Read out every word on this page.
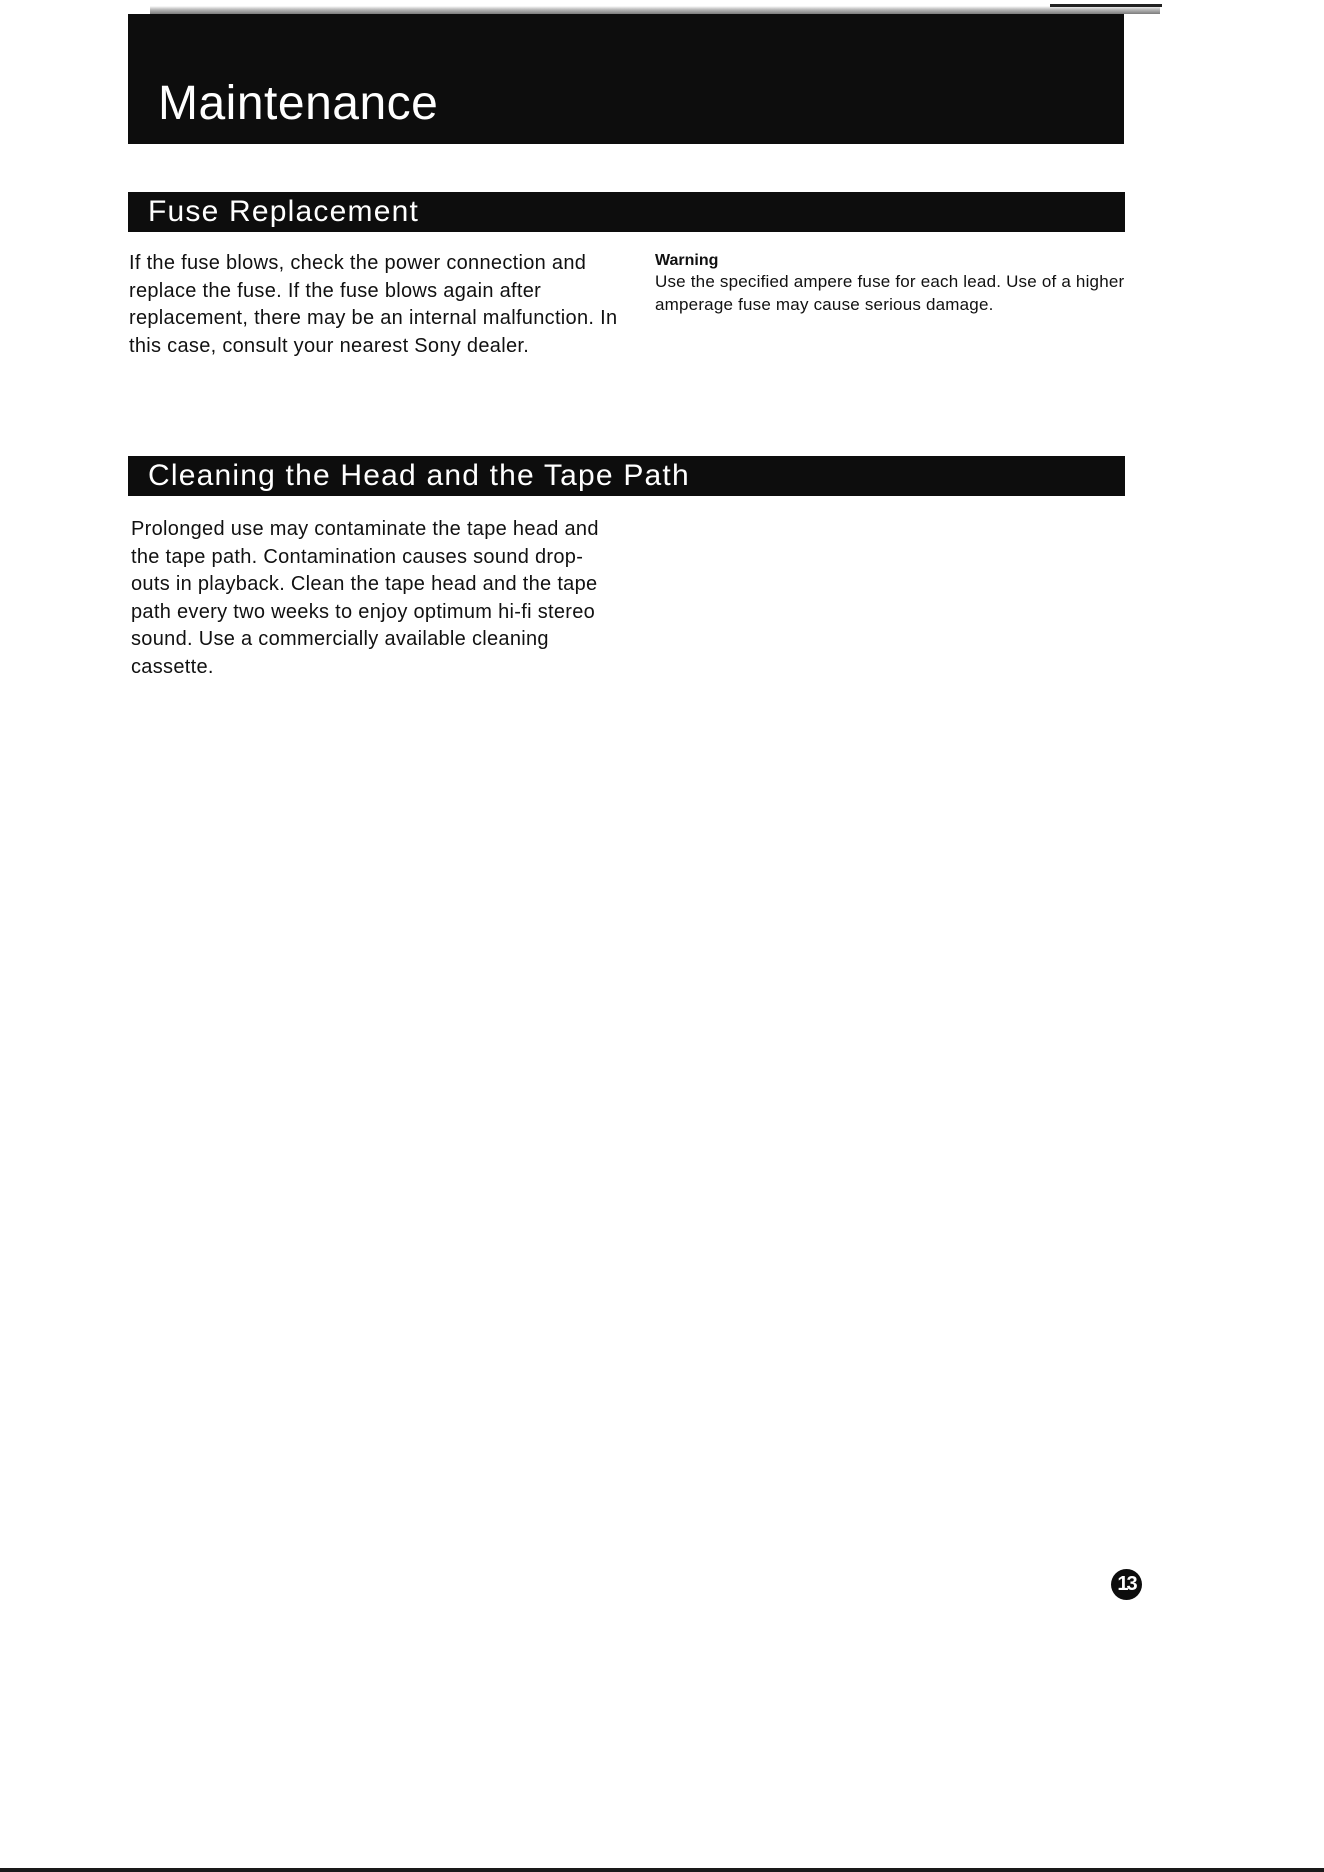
Maintenance
Fuse Replacement

If the fuse blows, check the power connection and replace the fuse. If the fuse blows again after replacement, there may be an internal malfunction. In this case, consult your nearest Sony dealer.

Warning

Use the specified ampere fuse for each lead. Use of a higher amperage fuse may cause serious damage.

Cleaning the Head and the Tape Path

Prolonged use may contaminate the tape head and the tape path. Contamination causes sound drop-outs in playback. Clean the tape head and the tape path every two weeks to enjoy optimum hi-fi stereo sound. Use a commercially available cleaning cassette.

13
